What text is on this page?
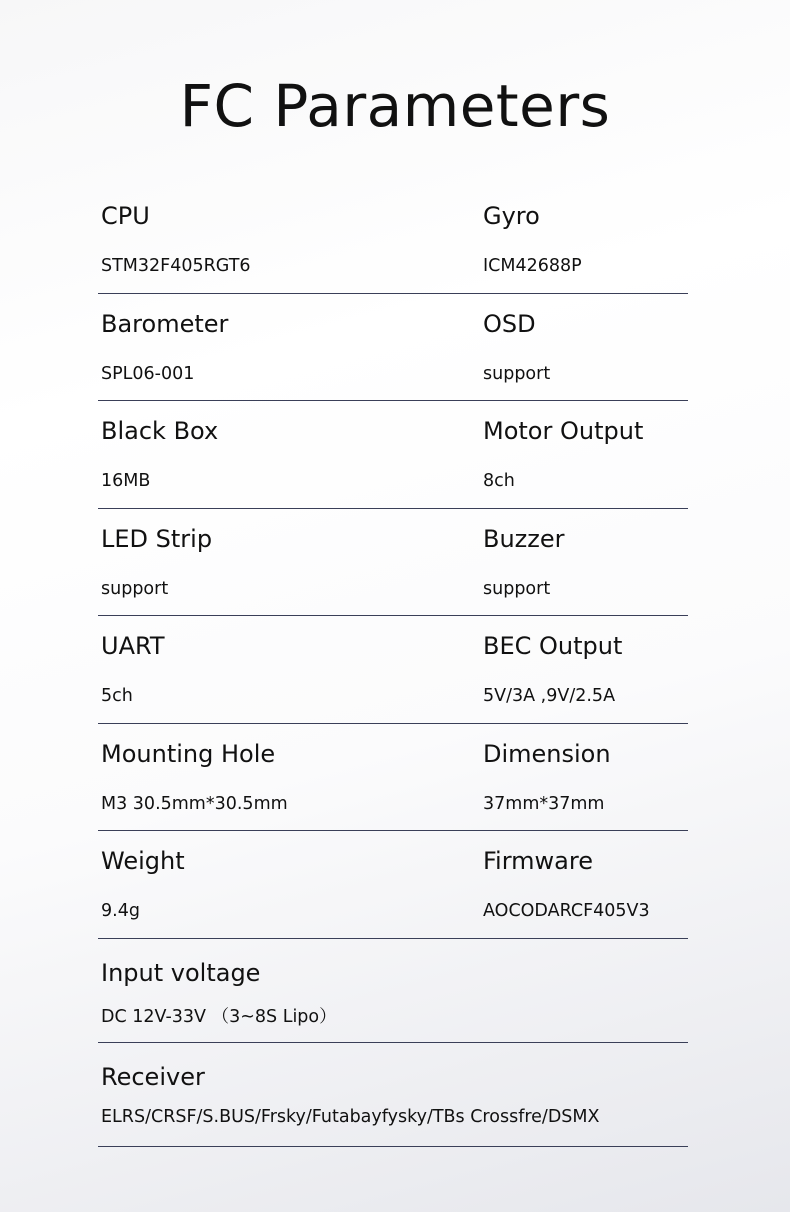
FC Parameters
CPU
STM32F405RGT6
Gyro
ICM42688P
Barometer
SPL06-001
OSD
support
Black Box
16MB
Motor Output
8ch
LED Strip
support
Buzzer
support
UART
5ch
BEC Output
5V/3A ,9V/2.5A
Mounting Hole
M3 30.5mm*30.5mm
Dimension
37mm*37mm
Weight
9.4g
Firmware
AOCODARCF405V3
Input voltage
DC 12V-33V （3~8S Lipo）
Receiver
ELRS/CRSF/S.BUS/Frsky/Futabayfysky/TBs Crossfre/DSMX
